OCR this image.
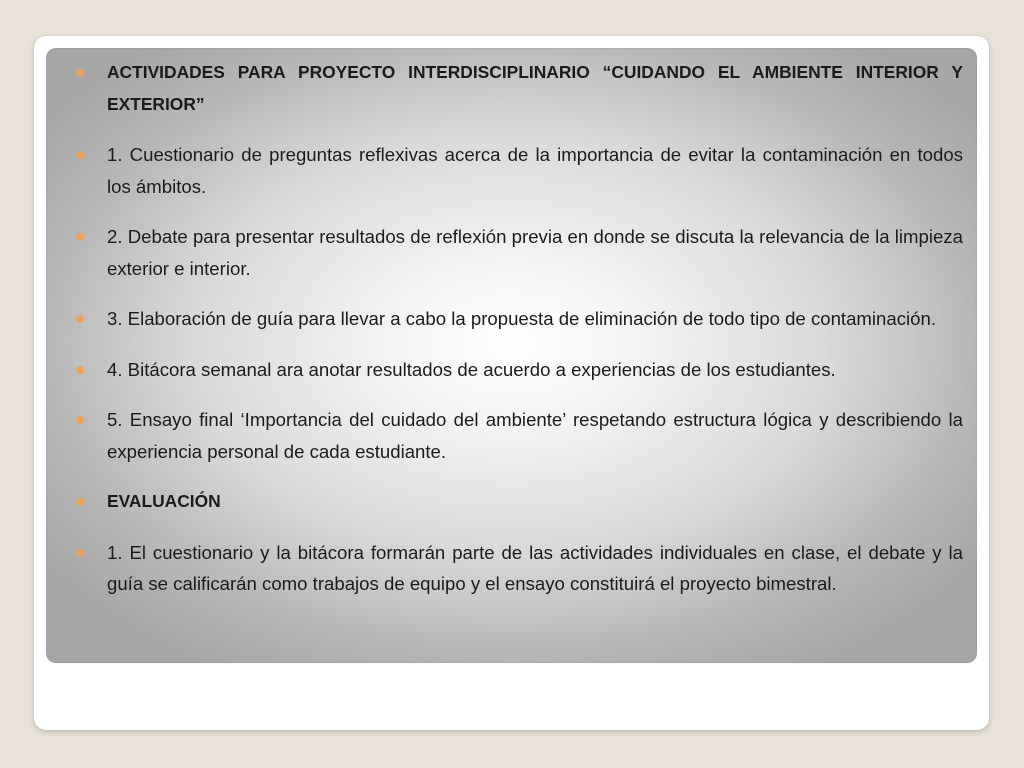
ACTIVIDADES PARA PROYECTO INTERDISCIPLINARIO “CUIDANDO EL AMBIENTE INTERIOR Y EXTERIOR”
1. Cuestionario de preguntas reflexivas acerca de la importancia de evitar la contaminación en todos los ámbitos.
2. Debate para presentar resultados de reflexión previa en donde se discuta la relevancia de la limpieza exterior e interior.
3. Elaboración de guía para llevar a cabo la propuesta de eliminación de todo tipo de contaminación.
4. Bitácora semanal ara anotar resultados de acuerdo a experiencias de los estudiantes.
5. Ensayo final ‘Importancia del cuidado del ambiente’ respetando estructura lógica y describiendo la experiencia personal de cada estudiante.
EVALUACIÓN
1. El cuestionario y la bitácora formarán parte de las actividades individuales en clase, el debate y la guía se calificarán como trabajos de equipo y el ensayo constituirá el proyecto bimestral.
